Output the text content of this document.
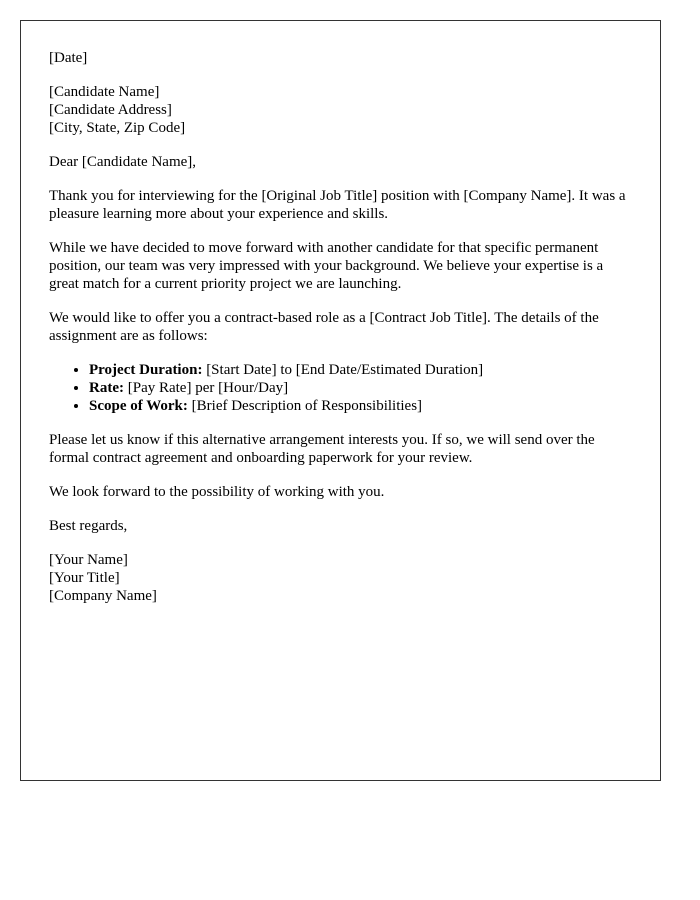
[Date]

[Candidate Name]
[Candidate Address]
[City, State, Zip Code]

Dear [Candidate Name],

Thank you for interviewing for the [Original Job Title] position with [Company Name]. It was a pleasure learning more about your experience and skills.

While we have decided to move forward with another candidate for that specific permanent position, our team was very impressed with your background. We believe your expertise is a great match for a current priority project we are launching.

We would like to offer you a contract-based role as a [Contract Job Title]. The details of the assignment are as follows:

• Project Duration: [Start Date] to [End Date/Estimated Duration]
• Rate: [Pay Rate] per [Hour/Day]
• Scope of Work: [Brief Description of Responsibilities]

Please let us know if this alternative arrangement interests you. If so, we will send over the formal contract agreement and onboarding paperwork for your review.

We look forward to the possibility of working with you.

Best regards,

[Your Name]
[Your Title]
[Company Name]
